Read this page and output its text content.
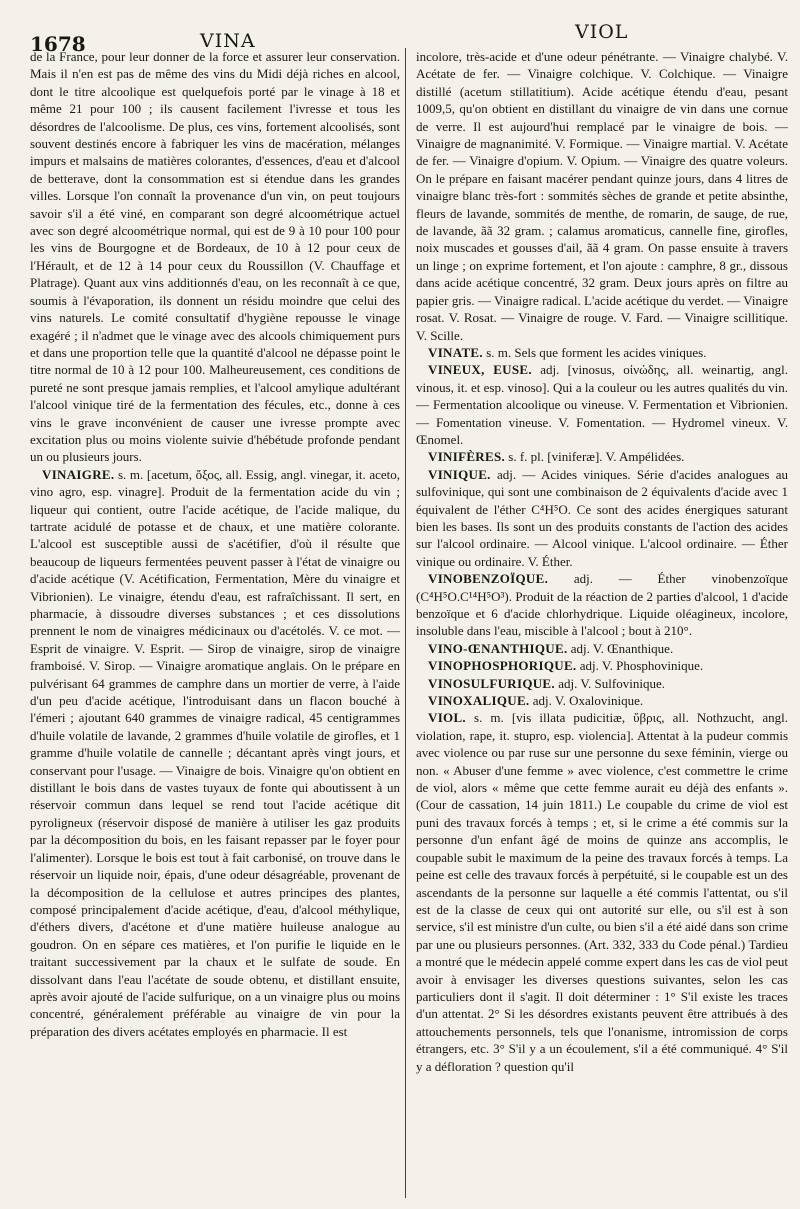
1678	VINA	VIOL

de la France, pour leur donner de la force et assurer leur conservation. Mais il n'en est pas de même des vins du Midi déjà riches en alcool, dont le titre alcoolique est quelquefois porté par le vinage à 18 et même 21 pour 100 ; ils causent facilement l'ivresse et tous les désordres de l'alcoolisme. De plus, ces vins, fortement alcoolisés, sont souvent destinés encore à fabriquer les vins de macération, mélanges impurs et malsains de matières colorantes, d'essences, d'eau et d'alcool de betterave, dont la consommation est si étendue dans les grandes villes. Lorsque l'on connaît la provenance d'un vin, on peut toujours savoir s'il a été viné, en comparant son degré alcoométrique actuel avec son degré alcoométrique normal, qui est de 9 à 10 pour 100 pour les vins de Bourgogne et de Bordeaux, de 10 à 12 pour ceux de l'Hérault, et de 12 à 14 pour ceux du Roussillon (V. Chauffage et Platrage). Quant aux vins additionnés d'eau, on les reconnaît à ce que, soumis à l'évaporation, ils donnent un résidu moindre que celui des vins naturels. Le comité consultatif d'hygiène repousse le vinage exagéré ; il n'admet que le vinage avec des alcools chimiquement purs et dans une proportion telle que la quantité d'alcool ne dépasse point le titre normal de 10 à 12 pour 100. Malheureusement, ces conditions de pureté ne sont presque jamais remplies, et l'alcool amylique adultérant l'alcool vinique tiré de la fermentation des fécules, etc., donne à ces vins le grave inconvénient de causer une ivresse prompte avec excitation plus ou moins violente suivie d'hébétude profonde pendant un ou plusieurs jours.

VINAIGRE. s. m. [acetum, ὄξος, all. Essig, angl. vinegar, it. aceto, vino agro, esp. vinagre]. Produit de la fermentation acide du vin ; liqueur qui contient, outre l'acide acétique, de l'acide malique, du tartrate acidulé de potasse et de chaux, et une matière colorante. L'alcool est susceptible aussi de s'acétifier, d'où il résulte que beaucoup de liqueurs fermentées peuvent passer à l'état de vinaigre ou d'acide acétique (V. Acétification, Fermentation, Mère du vinaigre et Vibrionien). Le vinaigre, étendu d'eau, est rafraîchissant. Il sert, en pharmacie, à dissoudre diverses substances ; et ces dissolutions prennent le nom de vinaigres médicinaux ou d'acétolés. V. ce mot. — Esprit de vinaigre. V. Esprit. — Sirop de vinaigre, sirop de vinaigre framboisé. V. Sirop. — Vinaigre aromatique anglais. On le prépare en pulvérisant 64 grammes de camphre dans un mortier de verre, à l'aide d'un peu d'acide acétique, l'introduisant dans un flacon bouché à l'émeri ; ajoutant 640 grammes de vinaigre radical, 45 centigrammes d'huile volatile de lavande, 2 grammes d'huile volatile de girofles, et 1 gramme d'huile volatile de cannelle ; décantant après vingt jours, et conservant pour l'usage. — Vinaigre de bois. Vinaigre qu'on obtient en distillant le bois dans de vastes tuyaux de fonte qui aboutissent à un réservoir commun dans lequel se rend tout l'acide acétique dit pyroligneux (réservoir disposé de manière à utiliser les gaz produits par la décomposition du bois, en les faisant repasser par le foyer pour l'alimenter). Lorsque le bois est tout à fait carbonisé, on trouve dans le réservoir un liquide noir, épais, d'une odeur désagréable, provenant de la décomposition de la cellulose et autres principes des plantes, composé principalement d'acide acétique, d'eau, d'alcool méthylique, d'éthers divers, d'acétone et d'une matière huileuse analogue au goudron. On en sépare ces matières, et l'on purifie le liquide en le traitant successivement par la chaux et le sulfate de soude. En dissolvant dans l'eau l'acétate de soude obtenu, et distillant ensuite, après avoir ajouté de l'acide sulfurique, on a un vinaigre plus ou moins concentré, généralement préférable au vinaigre de vin pour la préparation des divers acétates employés en pharmacie. Il est

incolore, très-acide et d'une odeur pénétrante. — Vinaigre chalybé. V. Acétate de fer. — Vinaigre colchique. V. Colchique. — Vinaigre distillé (acetum stillatitium). Acide acétique étendu d'eau, pesant 1009,5, qu'on obtient en distillant du vinaigre de vin dans une cornue de verre. Il est aujourd'hui remplacé par le vinaigre de bois. — Vinaigre de magnanimité. V. Formique. — Vinaigre martial. V. Acétate de fer. — Vinaigre d'opium. V. Opium. — Vinaigre des quatre voleurs. On le prépare en faisant macérer pendant quinze jours, dans 4 litres de vinaigre blanc très-fort : sommités sèches de grande et petite absinthe, fleurs de lavande, sommités de menthe, de romarin, de sauge, de rue, de lavande, ãã 32 gram. ; calamus aromaticus, cannelle fine, girofles, noix muscades et gousses d'ail, ãã 4 gram. On passe ensuite à travers un linge ; on exprime fortement, et l'on ajoute : camphre, 8 gr., dissous dans acide acétique concentré, 32 gram. Deux jours après on filtre au papier gris. — Vinaigre radical. L'acide acétique du verdet. — Vinaigre rosat. V. Rosat. — Vinaigre de rouge. V. Fard. — Vinaigre scillitique. V. Scille.

VINATE. s. m. Sels que forment les acides viniques.

VINEUX, EUSE. adj. [vinosus, οἰνώδης, all. weinartig, angl. vinous, it. et esp. vinoso]. Qui a la couleur ou les autres qualités du vin. — Fermentation alcoolique ou vineuse. V. Fermentation et Vibrionien. — Fomentation vineuse. V. Fomentation. — Hydromel vineux. V. Œnomel.

VINIFÈRES. s. f. pl. [viniferæ]. V. Ampélidées.

VINIQUE. adj. — Acides viniques. Série d'acides analogues au sulfovinique, qui sont une combinaison de 2 équivalents d'acide avec 1 équivalent de l'éther C⁴H⁵O. Ce sont des acides énergiques saturant bien les bases. Ils sont un des produits constants de l'action des acides sur l'alcool ordinaire. — Alcool vinique. L'alcool ordinaire. — Éther vinique ou ordinaire. V. Éther.

VINOBENZOÏQUE. adj. — Éther vinobenzoïque (C⁴H⁵O.C¹⁴H⁵O³). Produit de la réaction de 2 parties d'alcool, 1 d'acide benzoïque et 6 d'acide chlorhydrique. Liquide oléagineux, incolore, insoluble dans l'eau, miscible à l'alcool ; bout à 210°.

VINO-ŒNANTHIQUE. adj. V. Œnanthique.

VINOPHOSPHORIQUE. adj. V. Phosphovinique.

VINOSULFURIQUE. adj. V. Sulfovinique.

VINOXALIQUE. adj. V. Oxalovinique.

VIOL. s. m. [vis illata pudicitiæ, ὕβρις, all. Nothzucht, angl. violation, rape, it. stupro, esp. violencia]. Attentat à la pudeur commis avec violence ou par ruse sur une personne du sexe féminin, vierge ou non. « Abuser d'une femme » avec violence, c'est commettre le crime de viol, alors « même que cette femme aurait eu déjà des enfants ». (Cour de cassation, 14 juin 1811.) Le coupable du crime de viol est puni des travaux forcés à temps ; et, si le crime a été commis sur la personne d'un enfant âgé de moins de quinze ans accomplis, le coupable subit le maximum de la peine des travaux forcés à temps. La peine est celle des travaux forcés à perpétuité, si le coupable est un des ascendants de la personne sur laquelle a été commis l'attentat, ou s'il est de la classe de ceux qui ont autorité sur elle, ou s'il est à son service, s'il est ministre d'un culte, ou bien s'il a été aidé dans son crime par une ou plusieurs personnes. (Art. 332, 333 du Code pénal.) Tardieu a montré que le médecin appelé comme expert dans les cas de viol peut avoir à envisager les diverses questions suivantes, selon les cas particuliers dont il s'agit. Il doit déterminer : 1° S'il existe les traces d'un attentat. 2° Si les désordres existants peuvent être attribués à des attouchements personnels, tels que l'onanisme, intromission de corps étrangers, etc. 3° S'il y a un écoulement, s'il a été communiqué. 4° S'il y a défloration ? question qu'il
